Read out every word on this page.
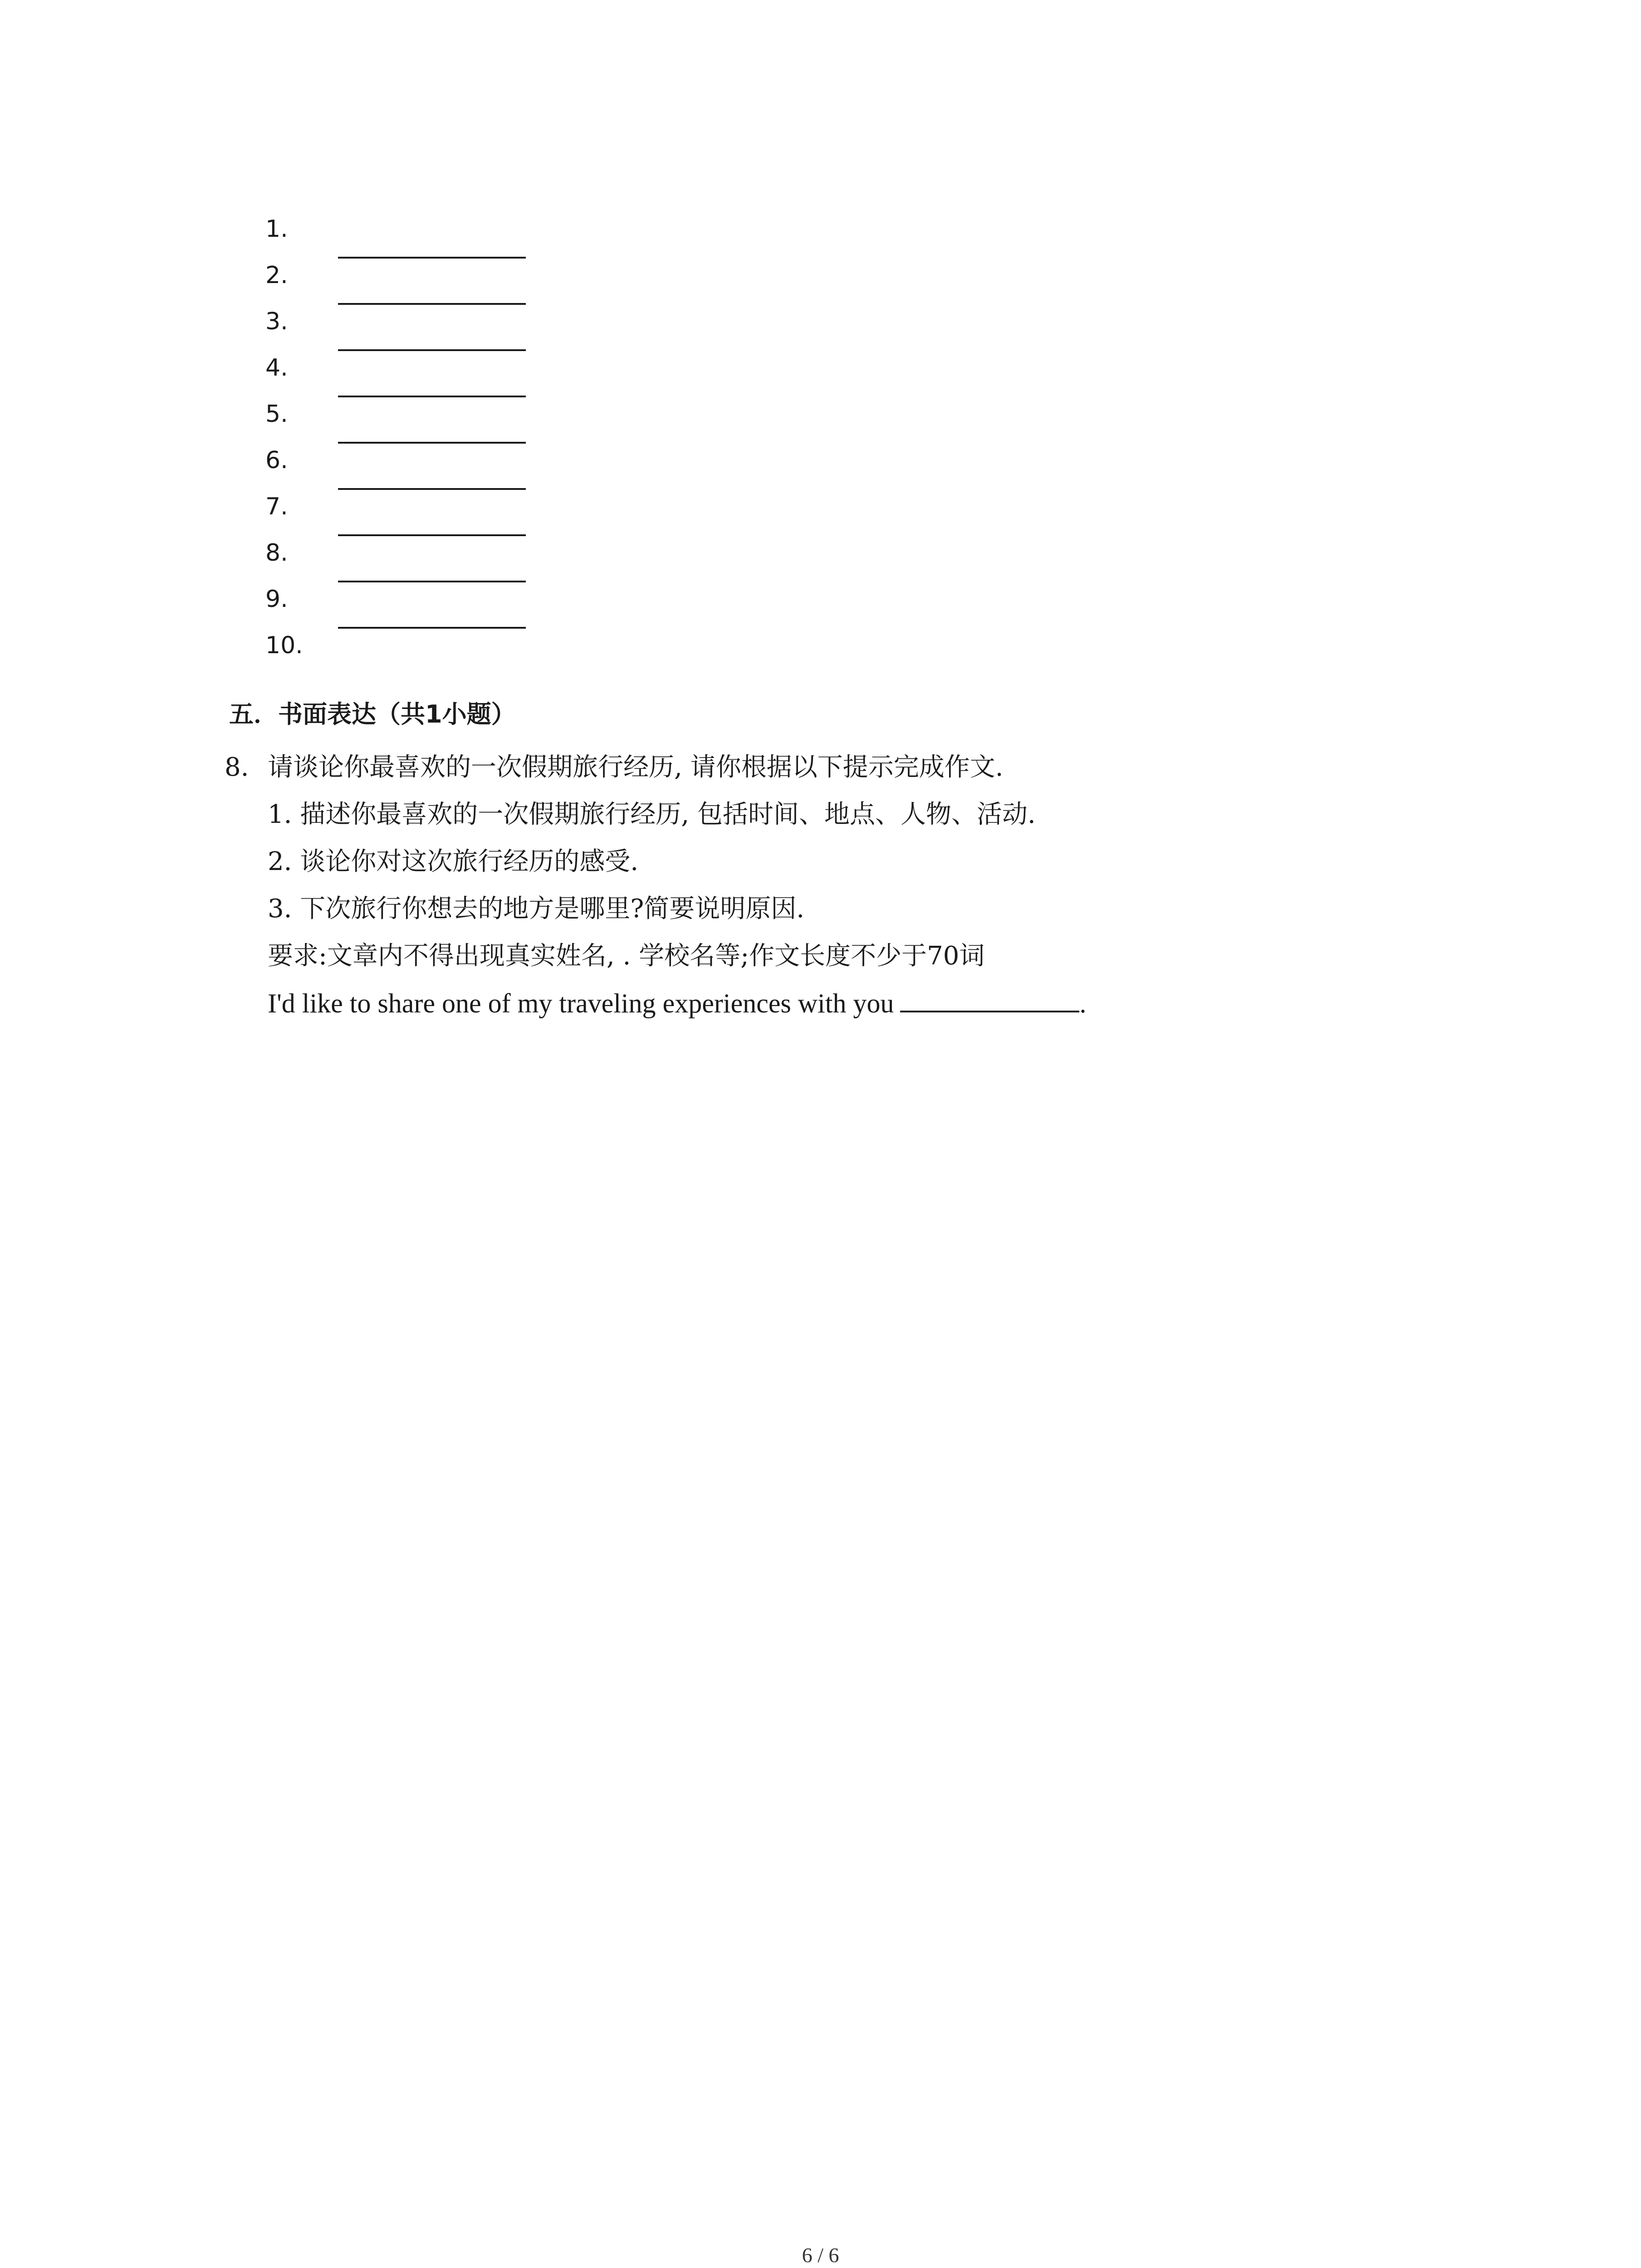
1.
2.
3.
4.
5.
6.
7.
8.
9.
10.
五．书面表达（共1小题）
8. 请谈论你最喜欢的一次假期旅行经历, 请你根据以下提示完成作文.
1. 描述你最喜欢的一次假期旅行经历, 包括时间、地点、人物、活动.
2. 谈论你对这次旅行经历的感受.
3. 下次旅行你想去的地方是哪里?简要说明原因.
要求:文章内不得出现真实姓名, . 学校名等;作文长度不少于70词
I'd like to share one of my traveling experiences with you	.
6 / 6
